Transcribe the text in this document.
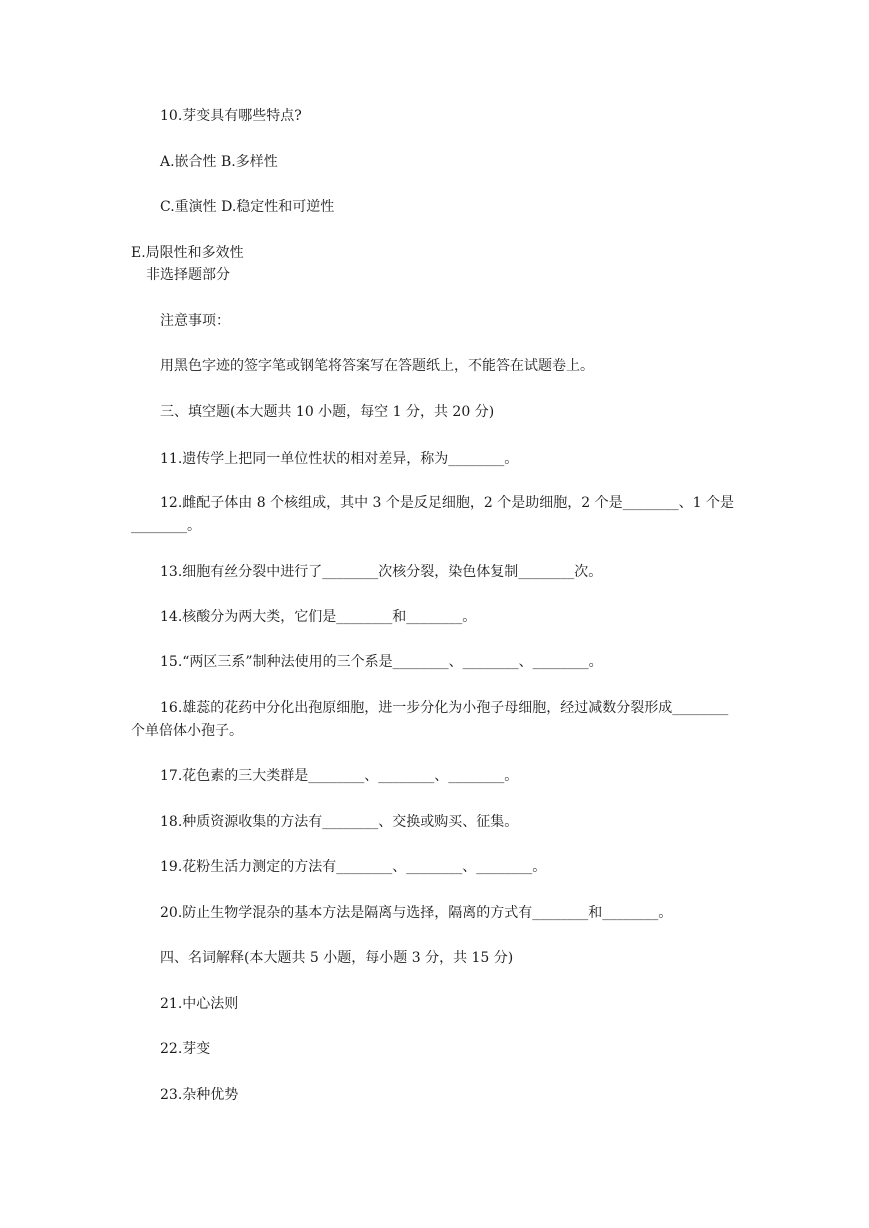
10.芽变具有哪些特点?
A.嵌合性 B.多样性
C.重演性 D.稳定性和可逆性
E.局限性和多效性
非选择题部分
注意事项：
用黑色字迹的签字笔或钢笔将答案写在答题纸上，不能答在试题卷上。
三、填空题(本大题共 10 小题，每空 1 分，共 20 分)
11.遗传学上把同一单位性状的相对差异，称为________。
12.雌配子体由 8 个核组成，其中 3 个是反足细胞，2 个是助细胞，2 个是________、1 个是________。
13.细胞有丝分裂中进行了________次核分裂，染色体复制________次。
14.核酸分为两大类，它们是________和________。
15.“两区三系”制种法使用的三个系是________、________、________。
16.雄蕊的花药中分化出孢原细胞，进一步分化为小孢子母细胞，经过减数分裂形成________个单倍体小孢子。
17.花色素的三大类群是________、________、________。
18.种质资源收集的方法有________、交换或购买、征集。
19.花粉生活力测定的方法有________、________、________。
20.防止生物学混杂的基本方法是隔离与选择，隔离的方式有________和________。
四、名词解释(本大题共 5 小题，每小题 3 分，共 15 分)
21.中心法则
22.芽变
23.杂种优势
